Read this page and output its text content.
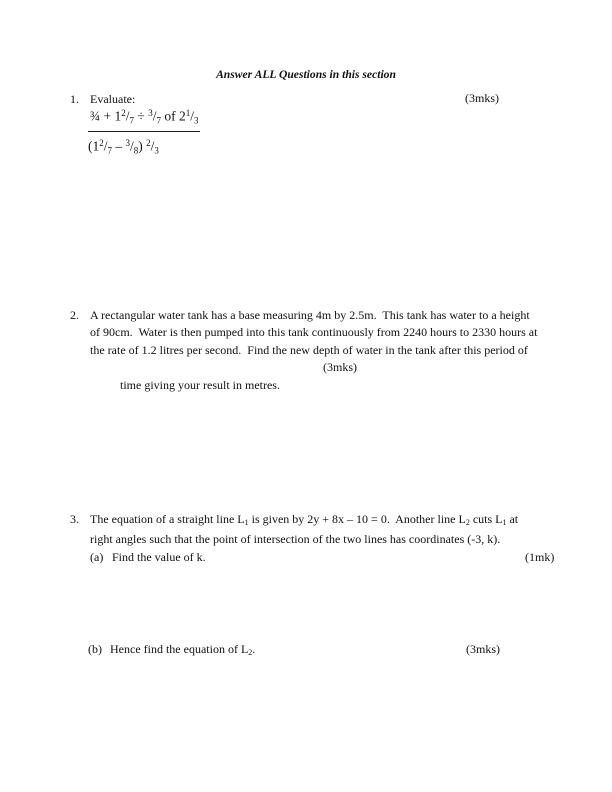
Answer ALL Questions in this section
1. Evaluate:	(3mks)
$\frac{\frac{3}{4} + 1^2/_7 \div ^3/_7 of 2^1/_3}{(1^2/_7 - ^3/_8) ^2/_3}$
2. A rectangular water tank has a base measuring 4m by 2.5m.  This tank has water to a height
of 90cm.  Water is then pumped into this tank continuously from 2240 hours to 2330 hours at
the rate of 1.2 litres per second.  Find the new depth of water in the tank after this period of

time giving your result in metres.

(3mks)

3. The equation of a straight line $L_1$ is given by 2y + 8x – 10 = 0.  Another line $L_2$ cuts $L_1$ at
right angles such that the point of intersection of the two lines has coordinates (-3, k).
(a) Find the value of k.	(1mk)
(b) Hence find the equation of $L_2$.	(3mks)
